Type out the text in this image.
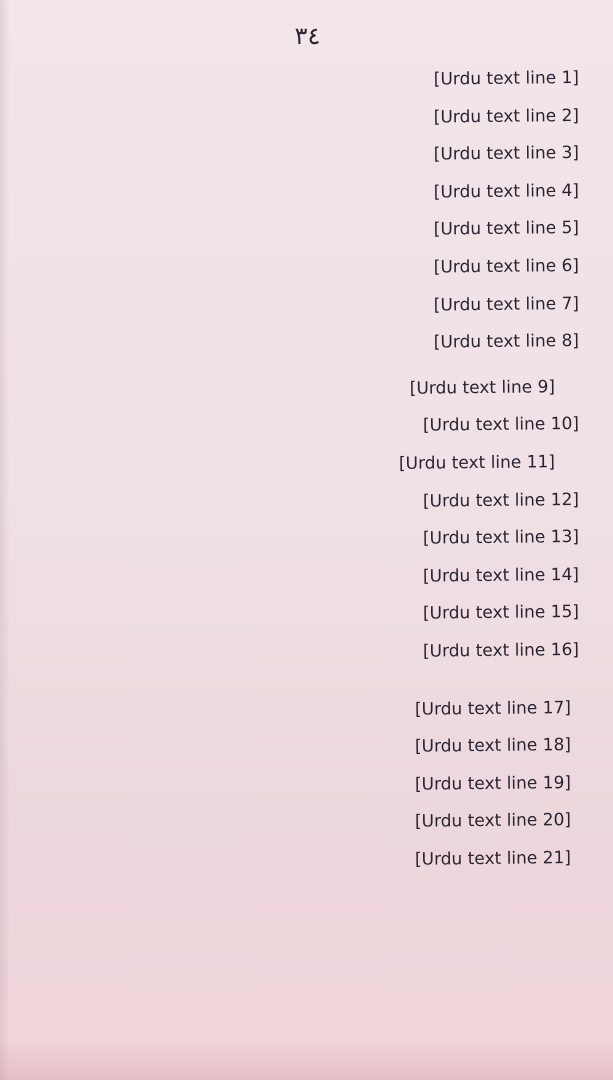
٣٤
[Urdu text line 1]
[Urdu text line 2]
[Urdu text line 3]
[Urdu text line 4]
[Urdu text line 5]
[Urdu text line 6]
[Urdu text line 7]
[Urdu text line 8]
[Urdu text line 9]
[Urdu text line 10]
[Urdu text line 11]
[Urdu text line 12]
[Urdu text line 13]
[Urdu text line 14]
[Urdu text line 15]
[Urdu text line 16]
[Urdu text line 17]
[Urdu text line 18]
[Urdu text line 19]
[Urdu text line 20]
[Urdu text line 21]
